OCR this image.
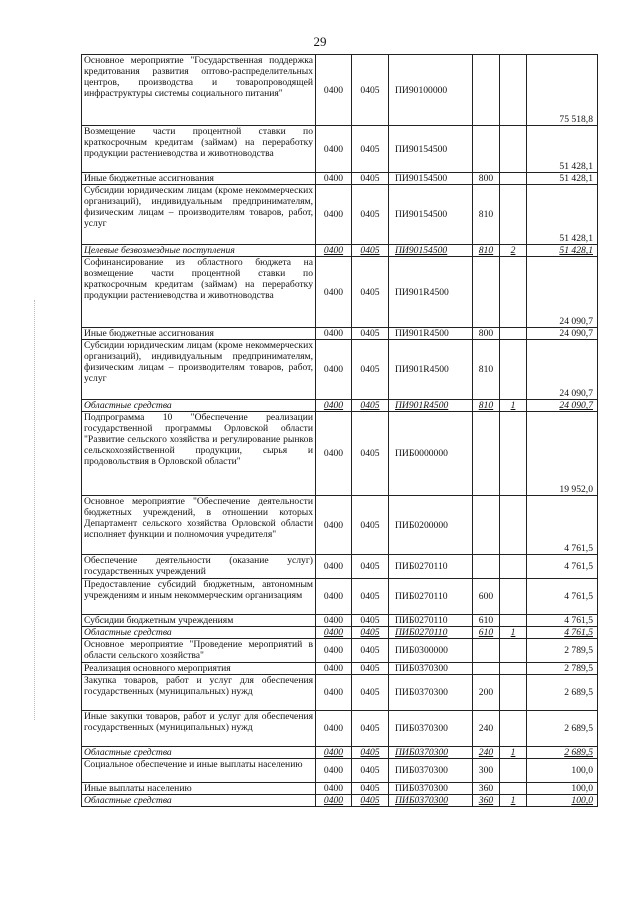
29
Основное мероприятие "Государственная поддержка кредитования развития оптово-распределительных центров, производства и товаропроводящей инфраструктуры системы социального питания"	0400	0405	ПИ90100000			75 518,8
Возмещение части процентной ставки по краткосрочным кредитам (займам) на переработку продукции растениеводства и животноводства	0400	0405	ПИ90154500			51 428,1
Иные бюджетные ассигнования	0400	0405	ПИ90154500	800		51 428,1
Субсидии юридическим лицам (кроме некоммерческих организаций), индивидуальным предпринимателям, физическим лицам – производителям товаров, работ, услуг	0400	0405	ПИ90154500	810		51 428,1
Целевые безвозмездные поступления	0400	0405	ПИ90154500	810	2	51 428,1
Софинансирование из областного бюджета на возмещение части процентной ставки по краткосрочным кредитам (займам) на переработку продукции растениеводства и животноводства	0400	0405	ПИ901R4500			24 090,7
Иные бюджетные ассигнования	0400	0405	ПИ901R4500	800		24 090,7
Субсидии юридическим лицам (кроме некоммерческих организаций), индивидуальным предпринимателям, физическим лицам – производителям товаров, работ, услуг	0400	0405	ПИ901R4500	810		24 090,7
Областные средства	0400	0405	ПИ901R4500	810	1	24 090,7
Подпрограмма 10 "Обеспечение реализации государственной программы Орловской области "Развитие сельского хозяйства и регулирование рынков сельскохозяйственной продукции, сырья и продовольствия в Орловской области"	0400	0405	ПИБ0000000			19 952,0
Основное мероприятие "Обеспечение деятельности бюджетных учреждений, в отношении которых Департамент сельского хозяйства Орловской области исполняет функции и полномочия учредителя"	0400	0405	ПИБ0200000			4 761,5
Обеспечение деятельности (оказание услуг) государственных учреждений	0400	0405	ПИБ0270110			4 761,5
Предоставление субсидий бюджетным, автономным учреждениям и иным некоммерческим организациям	0400	0405	ПИБ0270110	600		4 761,5
Субсидии бюджетным учреждениям	0400	0405	ПИБ0270110	610		4 761,5
Областные средства	0400	0405	ПИБ0270110	610	1	4 761,5
Основное мероприятие "Проведение мероприятий в области сельского хозяйства"	0400	0405	ПИБ0300000			2 789,5
Реализация основного мероприятия	0400	0405	ПИБ0370300			2 789,5
Закупка товаров, работ и услуг для обеспечения государственных (муниципальных) нужд	0400	0405	ПИБ0370300	200		2 689,5
Иные закупки товаров, работ и услуг для обеспечения государственных (муниципальных) нужд	0400	0405	ПИБ0370300	240		2 689,5
Областные средства	0400	0405	ПИБ0370300	240	1	2 689,5
Социальное обеспечение и иные выплаты населению	0400	0405	ПИБ0370300	300		100,0
Иные выплаты населению	0400	0405	ПИБ0370300	360		100,0
Областные средства	0400	0405	ПИБ0370300	360	1	100,0
